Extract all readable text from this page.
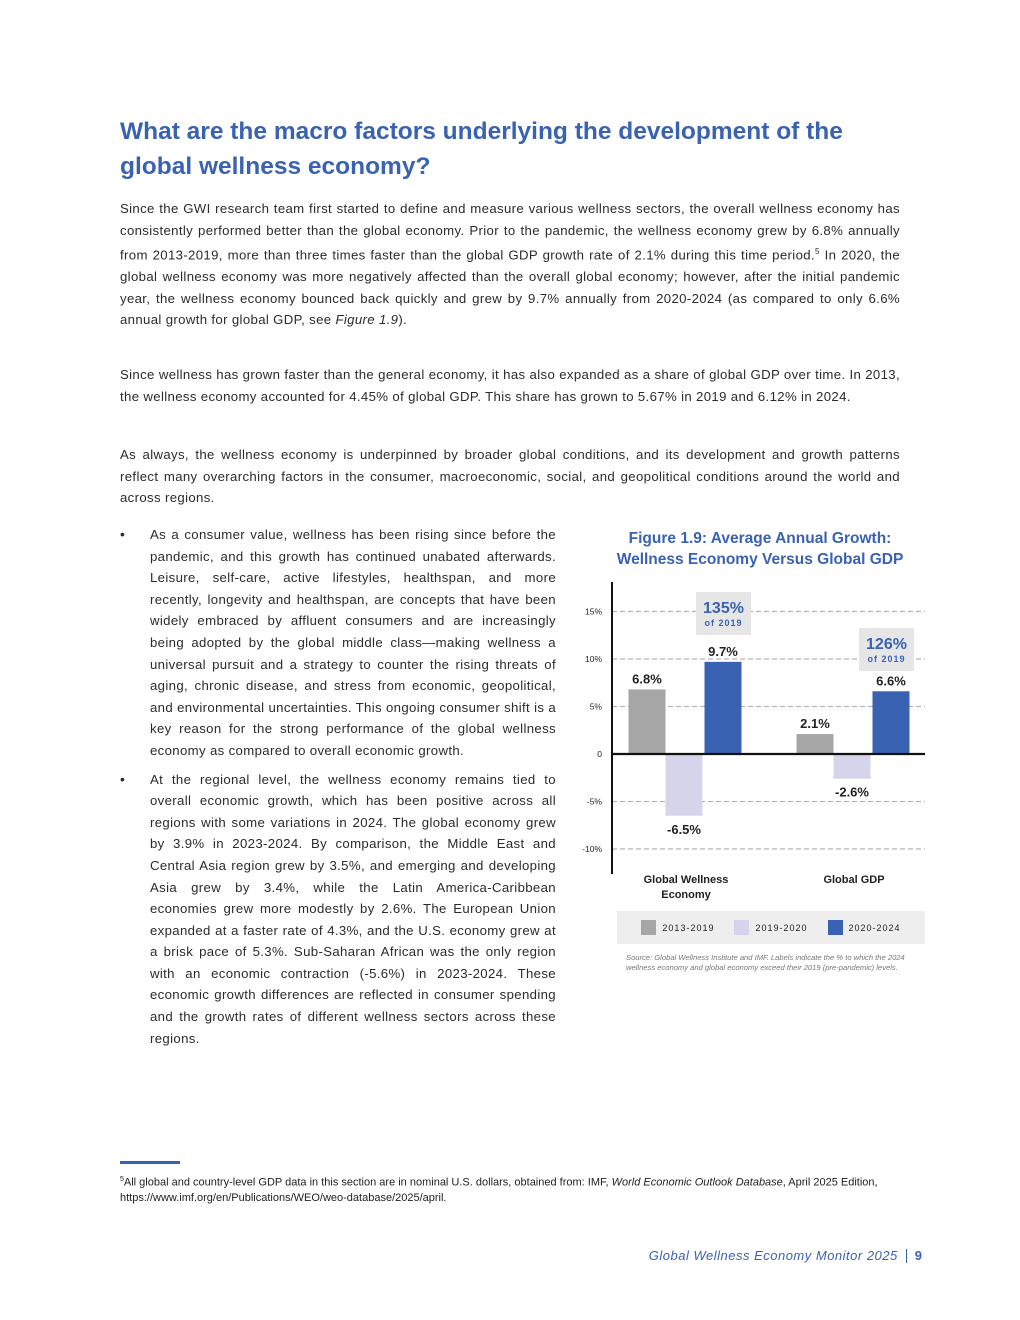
What are the macro factors underlying the development of the global wellness economy?

Since the GWI research team first started to define and measure various wellness sectors, the overall wellness economy has consistently performed better than the global economy. Prior to the pandemic, the wellness economy grew by 6.8% annually from 2013-2019, more than three times faster than the global GDP growth rate of 2.1% during this time period.$^5$ In 2020, the global wellness economy was more negatively affected than the overall global economy; however, after the initial pandemic year, the wellness economy bounced back quickly and grew by 9.7% annually from 2020-2024 (as compared to only 6.6% annual growth for global GDP, see Figure 1.9).

Since wellness has grown faster than the general economy, it has also expanded as a share of global GDP over time. In 2013, the wellness economy accounted for 4.45% of global GDP. This share has grown to 5.67% in 2019 and 6.12% in 2024.

As always, the wellness economy is underpinned by broader global conditions, and its development and growth patterns reflect many overarching factors in the consumer, macroeconomic, social, and geopolitical conditions around the world and across regions.

• As a consumer value, wellness has been rising since before the pandemic, and this growth has continued unabated afterwards. Leisure, self-care, active lifestyles, healthspan, and more recently, longevity and healthspan, are concepts that have been widely embraced by affluent consumers and are increasingly being adopted by the global middle class—making wellness a universal pursuit and a strategy to counter the rising threats of aging, chronic disease, and stress from economic, geopolitical, and environmental uncertainties. This ongoing consumer shift is a key reason for the strong performance of the global wellness economy as compared to overall economic growth.
• At the regional level, the wellness economy remains tied to overall economic growth, which has been positive across all regions with some variations in 2024. The global economy grew by 3.9% in 2023-2024. By comparison, the Middle East and Central Asia region grew by 3.5%, and emerging and developing Asia grew by 3.4%, while the Latin America-Caribbean economies grew more modestly by 2.6%. The European Union expanded at a faster rate of 4.3%, and the U.S. economy grew at a brisk pace of 5.3%. Sub-Saharan African was the only region with an economic contraction (-5.6%) in 2023-2024. These economic growth differences are reflected in consumer spending and the growth rates of different wellness sectors across these regions.
Figure 1.9: Average Annual Growth:
Wellness Economy Versus Global GDP
15%
10%
5%
0
-5%
-10%
6.8%
-6.5%
9.7%
Global Wellness
Economy
2.1%
-2.6%
6.6%
Global GDP
135%
of 2019
126%
of 2019
2013-2019	2019-2020	2020-2024
Source: Global Wellness Institute and IMF. Labels indicate the % to which the 2024 wellness economy and global economy exceed their 2019 (pre-pandemic) levels.
$^5$All global and country-level GDP data in this section are in nominal U.S. dollars, obtained from: IMF, World Economic Outlook Database, April 2025 Edition, https://www.imf.org/en/Publications/WEO/weo-database/2025/april.
Global Wellness Economy Monitor 2025 9
